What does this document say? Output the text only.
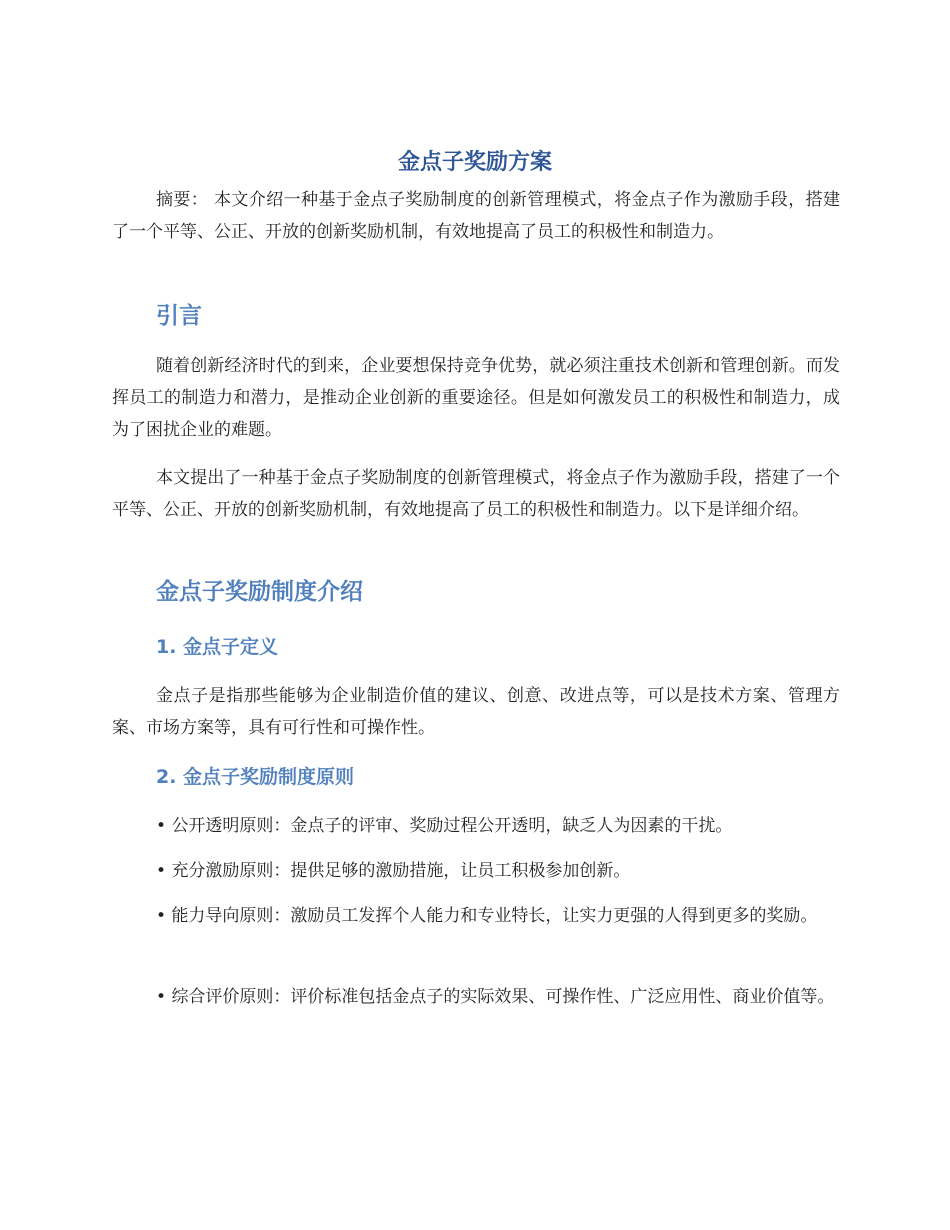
金点子奖励方案

摘要： 本文介绍一种基于金点子奖励制度的创新管理模式，将金点子作为激励手段，搭建了一个平等、公正、开放的创新奖励机制，有效地提高了员工的积极性和制造力。

引言

随着创新经济时代的到来，企业要想保持竞争优势，就必须注重技术创新和管理创新。而发挥员工的制造力和潜力，是推动企业创新的重要途径。但是如何激发员工的积极性和制造力，成为了困扰企业的难题。

本文提出了一种基于金点子奖励制度的创新管理模式，将金点子作为激励手段，搭建了一个平等、公正、开放的创新奖励机制，有效地提高了员工的积极性和制造力。以下是详细介绍。

金点子奖励制度介绍
1. 金点子定义

金点子是指那些能够为企业制造价值的建议、创意、改进点等，可以是技术方案、管理方案、市场方案等，具有可行性和可操作性。

2. 金点子奖励制度原则

• 公开透明原则：金点子的评审、奖励过程公开透明，缺乏人为因素的干扰。

• 充分激励原则：提供足够的激励措施，让员工积极参加创新。

• 能力导向原则：激励员工发挥个人能力和专业特长，让实力更强的人得到更多的奖励。

• 综合评价原则：评价标准包括金点子的实际效果、可操作性、广泛应用性、商业价值等。
